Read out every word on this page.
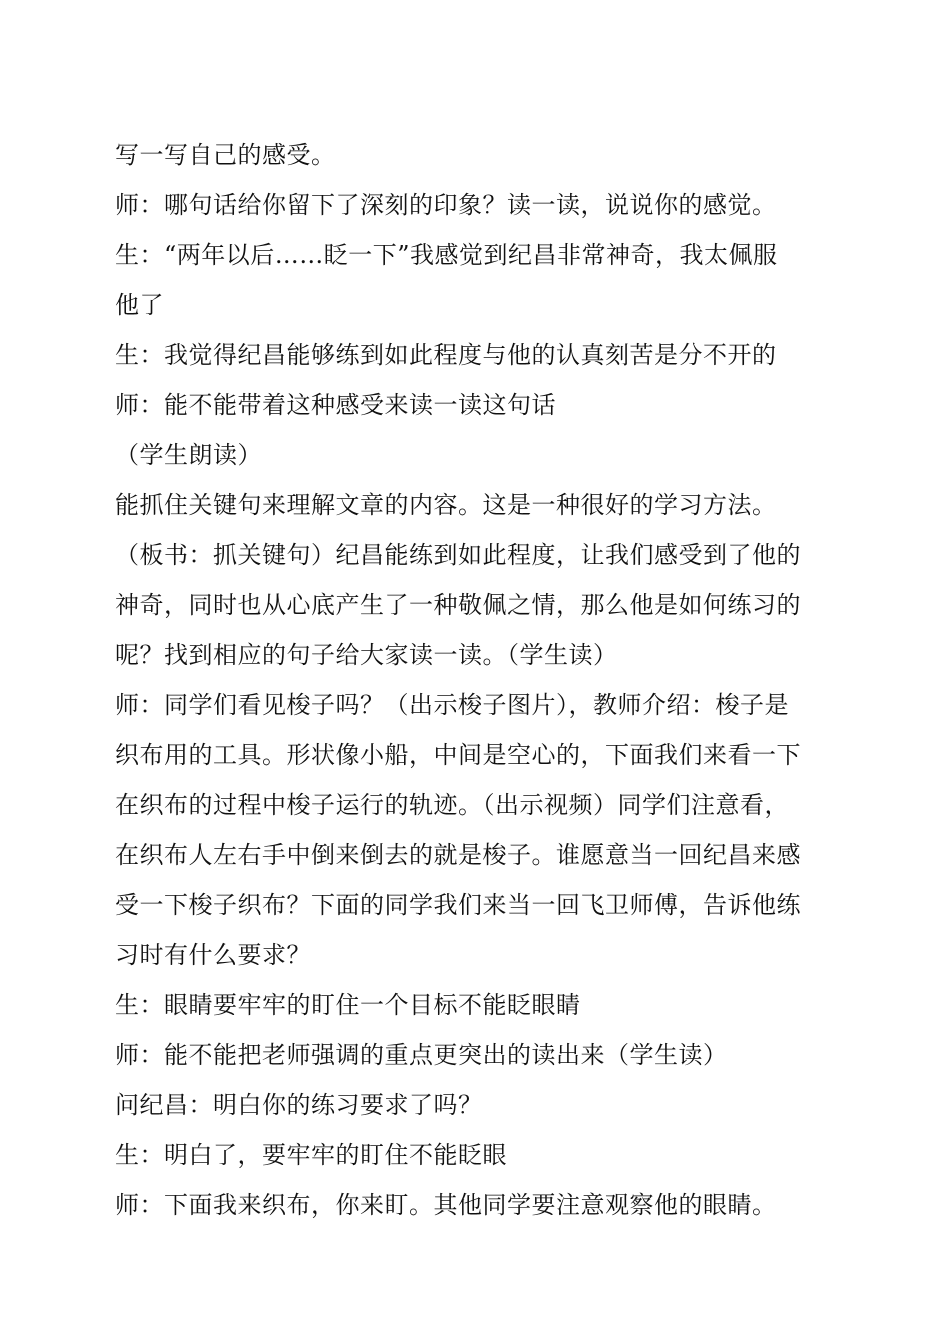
写一写自己的感受。
师：哪句话给你留下了深刻的印象？读一读，说说你的感觉。
生：“两年以后……眨一下”我感觉到纪昌非常神奇，我太佩服
他了
生：我觉得纪昌能够练到如此程度与他的认真刻苦是分不开的
师：能不能带着这种感受来读一读这句话
（学生朗读）
能抓住关键句来理解文章的内容。这是一种很好的学习方法。
（板书：抓关键句）纪昌能练到如此程度，让我们感受到了他的
神奇，同时也从心底产生了一种敬佩之情，那么他是如何练习的
呢？找到相应的句子给大家读一读。（学生读）
师：同学们看见梭子吗？（出示梭子图片），教师介绍：梭子是
织布用的工具。形状像小船，中间是空心的，下面我们来看一下
在织布的过程中梭子运行的轨迹。（出示视频）同学们注意看，
在织布人左右手中倒来倒去的就是梭子。谁愿意当一回纪昌来感
受一下梭子织布？下面的同学我们来当一回飞卫师傅，告诉他练
习时有什么要求？
生：眼睛要牢牢的盯住一个目标不能眨眼睛
师：能不能把老师强调的重点更突出的读出来（学生读）
问纪昌：明白你的练习要求了吗？
生：明白了，要牢牢的盯住不能眨眼
师：下面我来织布，你来盯。其他同学要注意观察他的眼睛。
